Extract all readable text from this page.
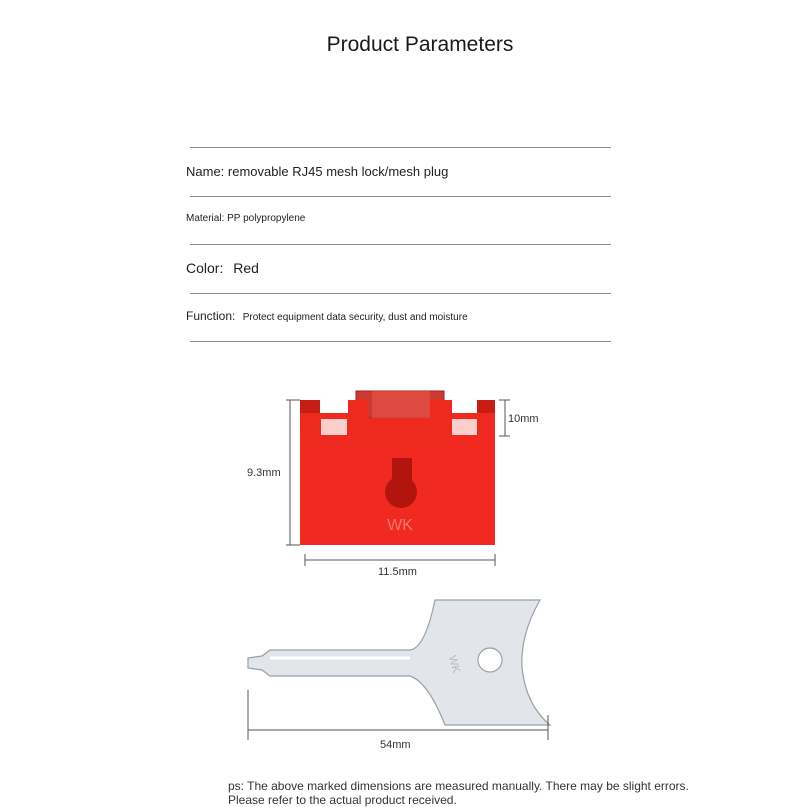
Product Parameters
Name: removable RJ45 mesh lock/mesh plug
Material: PP polypropylene
Color: Red
Function: Protect equipment data security, dust and moisture
WK
WK
10mm
9.3mm
11.5mm
54mm
ps: The above marked dimensions are measured manually. There may be slight errors. Please refer to the actual product received.
